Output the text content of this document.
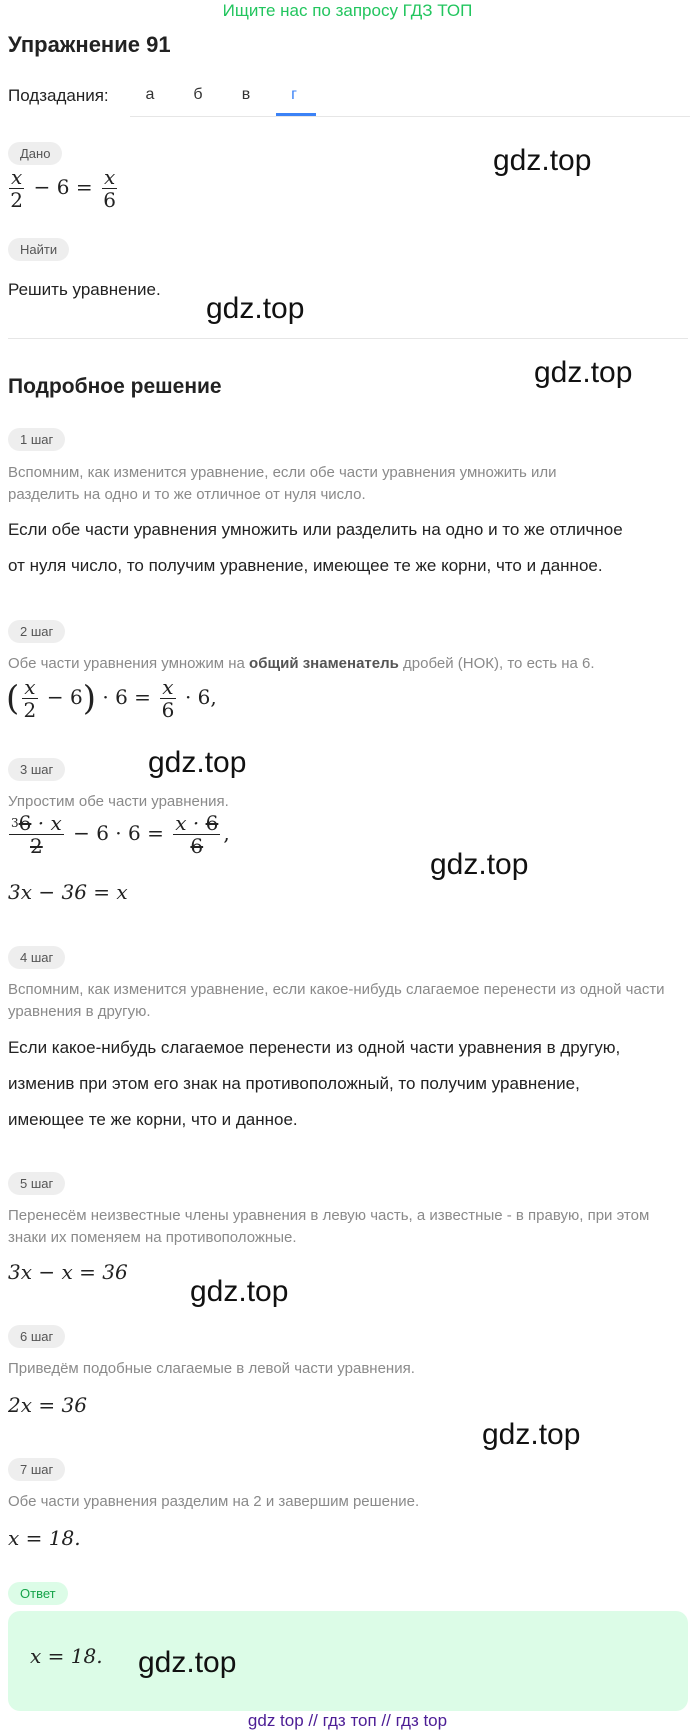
Ищите нас по запросу ГДЗ ТОП
Упражнение 91
Подзадания:	а	б	в	г
Дано
$\frac{x}{2} - 6 = \frac{x}{6}$
Найти
Решить уравнение.
Подробное решение
1 шаг
Вспомним, как изменится уравнение, если обе части уравнения умножить или разделить на одно и то же отличное от нуля число.
Если обе части уравнения умножить или разделить на одно и то же отличное
от нуля число, то получим уравнение, имеющее те же корни, что и данное.
2 шаг
Обе части уравнения умножим на общий знаменатель дробей (НОК), то есть на 6.
( $\frac{x}{2} - 6) \cdot 6 = \frac{x}{6} \cdot 6$,
3 шаг
Упростим обе части уравнения.
$\frac{^36 \cdot x}{2} - 6 \cdot 6 = \frac{x \cdot 6}{6}$ ,
3x − 36 = x
4 шаг
Вспомним, как изменится уравнение, если какое-нибудь слагаемое перенести из одной части уравнения в другую.
Если какое-нибудь слагаемое перенести из одной части уравнения в другую,
изменив при этом его знак на противоположный, то получим уравнение,
имеющее те же корни, что и данное.
5 шаг
Перенесём неизвестные члены уравнения в левую часть, а известные - в правую, при этом знаки их поменяем на противоположные.
3x − x = 36
6 шаг
Приведём подобные слагаемые в левой части уравнения.
2x = 36
7 шаг
Обе части уравнения разделим на 2 и завершим решение.
x = 18.
Ответ
x = 18.
gdz.top
gdz.top
gdz.top
gdz.top
gdz.top
gdz.top
gdz.top
gdz.top
gdz top // гдз топ // гдз top
